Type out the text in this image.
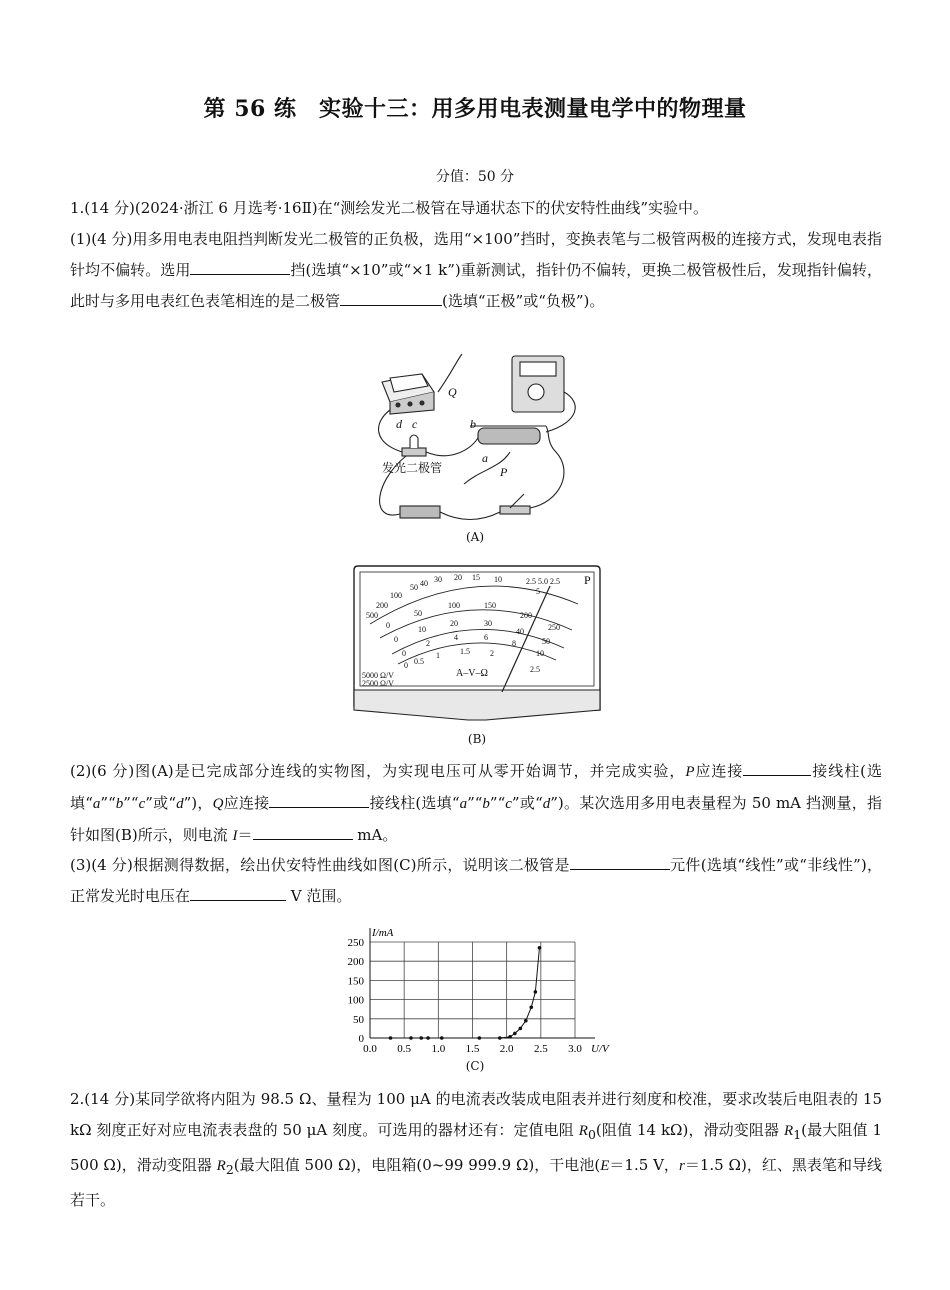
第 56 练　实验十三：用多用电表测量电学中的物理量
分值：50 分
1.(14 分)(2024·浙江 6 月选考·16Ⅱ)在“测绘发光二极管在导通状态下的伏安特性曲线”实验中。
(1)(4 分)用多用电表电阻挡判断发光二极管的正负极，选用“×100”挡时，变换表笔与二极管两极的连接方式，发现电表指针均不偏转。选用	挡(选填“×10”或“×1 k”)重新测试，指针仍不偏转，更换二极管极性后，发现指针偏转，此时与多用电表红色表笔相连的是二极管	(选填“正极”或“负极”)。
d c
Q
b
a
P
发光二极管
(A)
500
200
100
50 40 30 20 15 10
5
0
50
100	150
200
250
0
10
20	30
40
50
0
2
4	6
8
10
0 0.5
1	1.5	2
2.5
2.5 5.0 2.5
5000 Ω/V
2500 Ω/V
A–V–Ω
P
(B)
(2)(6 分)图(A)是已完成部分连线的实物图，为实现电压可从零开始调节，并完成实验，P应连接	接线柱(选填“a”“b”“c”或“d”)，Q应连接	接线柱(选填“a”“b”“c”或“d”)。某次选用多用电表量程为 50 mA 挡测量，指针如图(B)所示，则电流 I＝	mA。
(3)(4 分)根据测得数据，绘出伏安特性曲线如图(C)所示，说明该二极管是	元件(选填“线性”或“非线性”)，正常发光时电压在	V 范围。
0.0 0.5 1.0 1.5 2.0 2.5 3.0
0
50
100
150
200
250
U/V
I/mA
(C)
2.(14 分)某同学欲将内阻为 98.5 Ω、量程为 100 μA 的电流表改装成电阻表并进行刻度和校准，要求改装后电阻表的 15 kΩ 刻度正好对应电流表表盘的 50 μA 刻度。可选用的器材还有：定值电阻 $R_0$(阻值 14 kΩ)，滑动变阻器 $R_1$(最大阻值 1 500 Ω)，滑动变阻器 $R_2$(最大阻值 500 Ω)，电阻箱(0~99 999.9 Ω)，干电池(E＝1.5 V，r＝1.5 Ω)，红、黑表笔和导线若干。
